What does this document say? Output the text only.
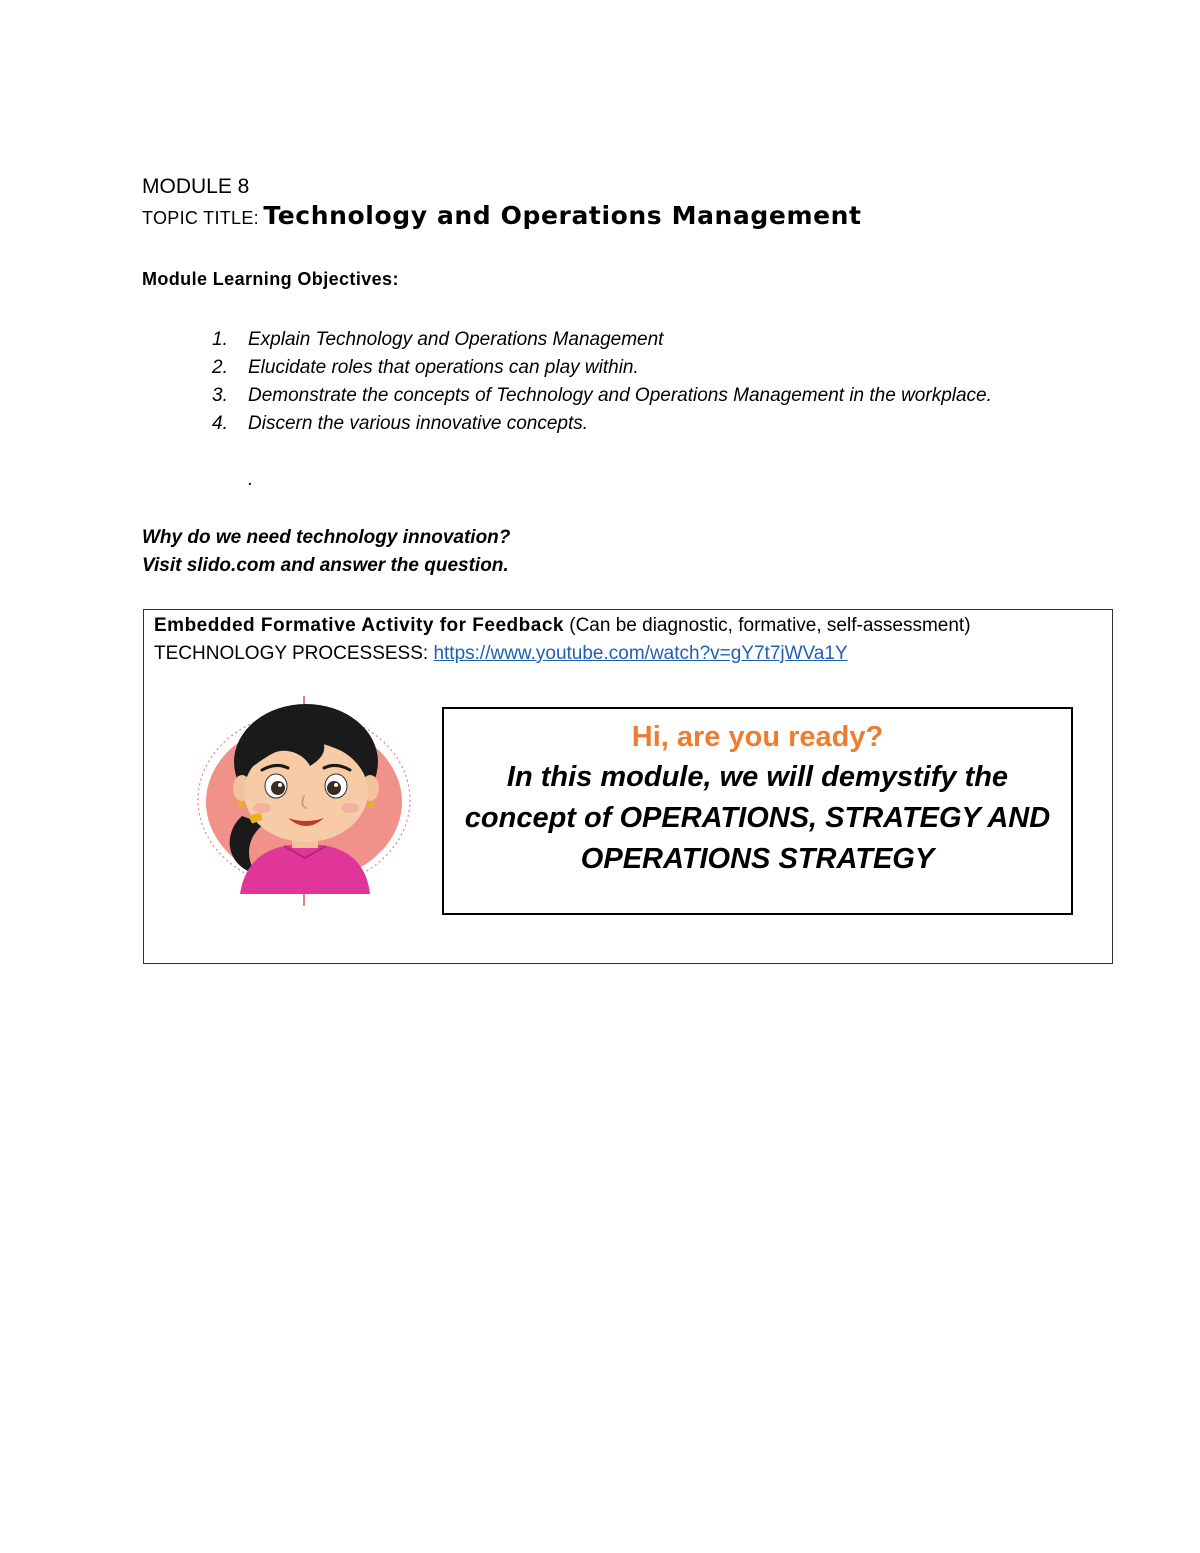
MODULE 8
TOPIC TITLE: Technology and Operations Management
Module Learning Objectives:
1. Explain Technology and Operations Management
2. Elucidate roles that operations can play within.
3. Demonstrate the concepts of Technology and Operations Management in the workplace.
4. Discern the various innovative concepts.

.

Why do we need technology innovation?

Visit slido.com and answer the question.

Embedded Formative Activity for Feedback (Can be diagnostic, formative, self-assessment)

TECHNOLOGY PROCESSESS: https://www.youtube.com/watch?v=gY7t7jWVa1Y

Hi, are you ready?

In this module, we will demystify the concept of OPERATIONS, STRATEGY AND OPERATIONS STRATEGY
